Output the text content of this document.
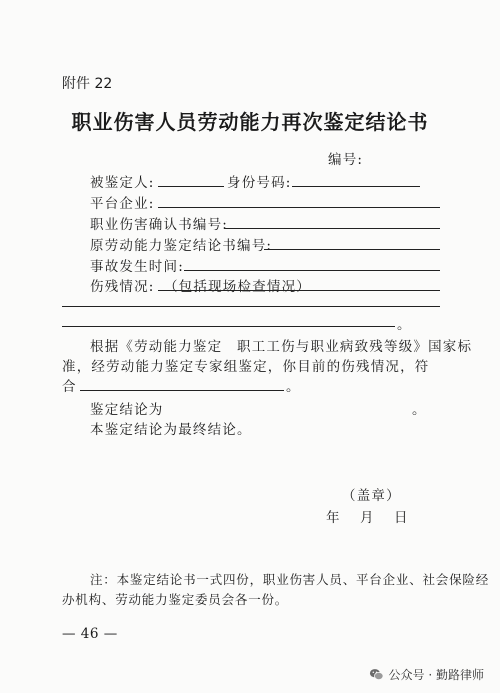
附件 22
职业伤害人员劳动能力再次鉴定结论书
编号:
被鉴定人:	身份号码:
平台企业:
职业伤害确认书编号:
原劳动能力鉴定结论书编号:
事故发生时间:
伤残情况: （包括现场检查情况）
。
根据《劳动能力鉴定　职工工伤与职业病致残等级》国家标
准，经劳动能力鉴定专家组鉴定，你目前的伤残情况，符
合	。
鉴定结论为	。
本鉴定结论为最终结论。
（盖章）
年 月 日
注：本鉴定结论书一式四份，职业伤害人员、平台企业、社会保险经
办机构、劳动能力鉴定委员会各一份。
— 46 —
公众号 · 勤路律师
